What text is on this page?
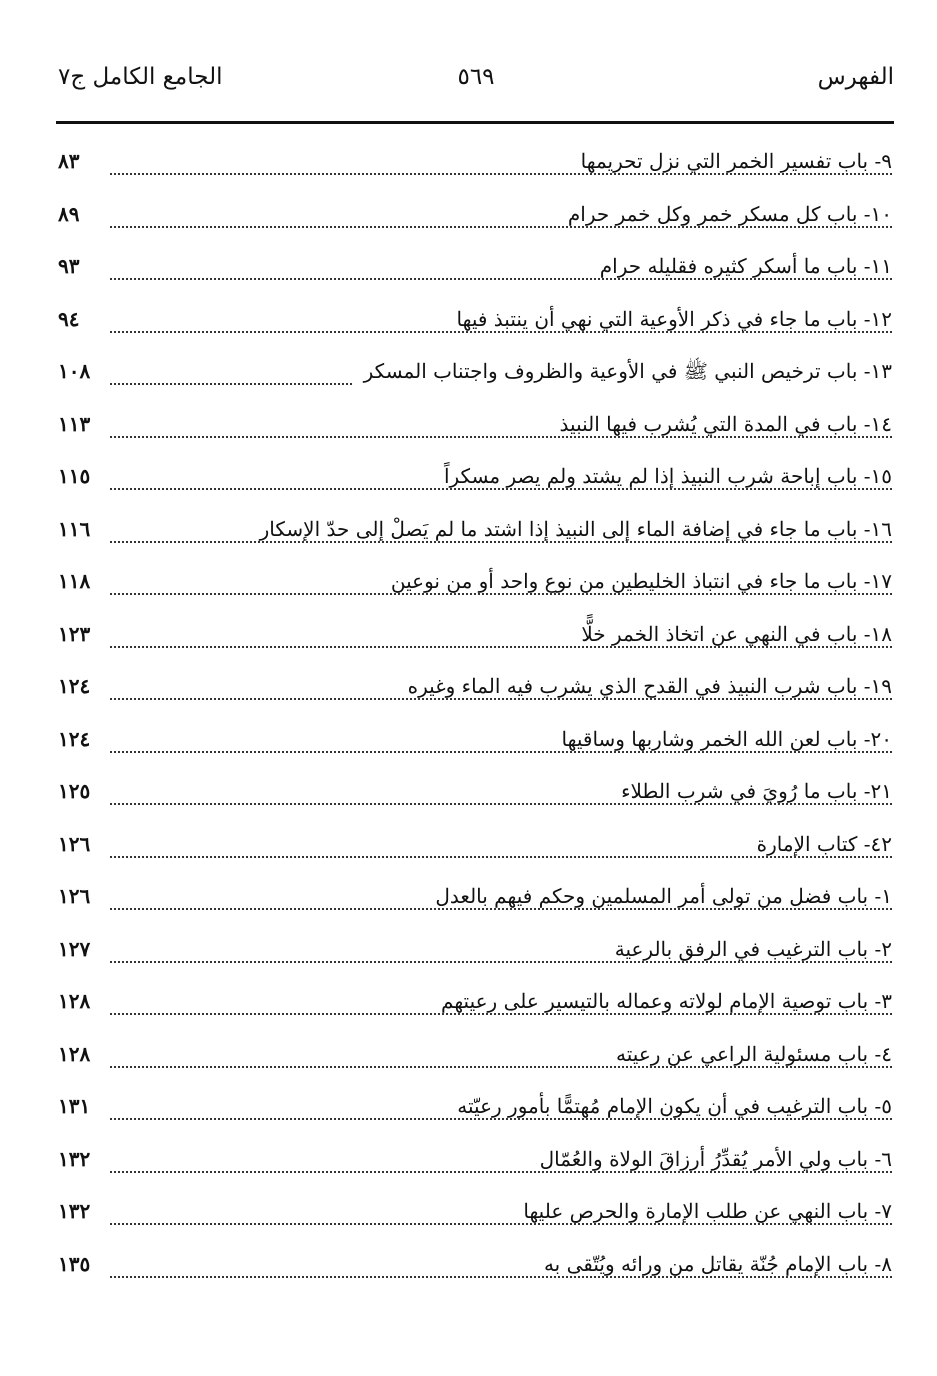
الفهرس
٥٦٩
الجامع الكامل ج٧
٩- باب تفسير الخمر التي نزل تحريمها
٨٣
١٠- باب كل مسكر خمر وكل خمر حرام
٨٩
١١- باب ما أسكر كثيره فقليله حرام
٩٣
١٢- باب ما جاء في ذكر الأوعية التي نهي أن ينتبذ فيها
٩٤
١٣- باب ترخيص النبي ﷺ في الأوعية والظروف واجتناب المسكر
١٠٨
١٤- باب في المدة التي يُشرب فيها النبيذ
١١٣
١٥- باب إباحة شرب النبيذ إذا لم يشتد ولم يصر مسكراً
١١٥
١٦- باب ما جاء في إضافة الماء إلى النبيذ إذا اشتد ما لم يَصلْ إلى حدّ الإسكار
١١٦
١٧- باب ما جاء في انتباذ الخليطين من نوع واحد أو من نوعين
١١٨
١٨- باب في النهي عن اتخاذ الخمر خلًّا
١٢٣
١٩- باب شرب النبيذ في القدح الذي يشرب فيه الماء وغيره
١٢٤
٢٠- باب لعن الله الخمر وشاربها وساقيها
١٢٤
٢١- باب ما رُويَ في شرب الطلاء
١٢٥
٤٢- كتاب الإمارة
١٢٦
١- باب فضل من تولى أمر المسلمين وحكم فيهم بالعدل
١٢٦
٢- باب الترغيب في الرفق بالرعية
١٢٧
٣- باب توصية الإمام لولاته وعماله بالتيسير على رعيتهم
١٢٨
٤- باب مسئولية الراعي عن رعيته
١٢٨
٥- باب الترغيب في أن يكون الإمام مُهتمًّا بأمور رعيّته
١٣١
٦- باب ولي الأمر يُقدِّرُ أرزاقَ الولاة والعُمّال
١٣٢
٧- باب النهي عن طلب الإمارة والحرص عليها
١٣٢
٨- باب الإمام جُنّة يقاتل من ورائه ويُتّقى به
١٣٥
